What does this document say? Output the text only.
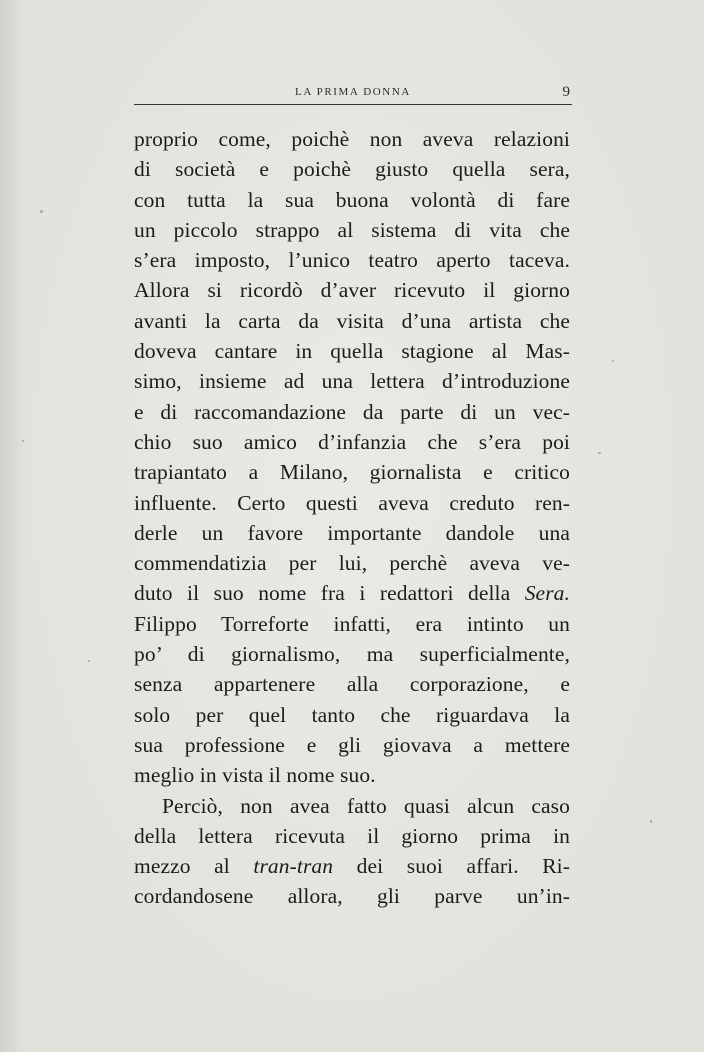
LA PRIMA DONNA	9
proprio come, poichè non aveva relazioni
di società e poichè giusto quella sera,
con tutta la sua buona volontà di fare
un piccolo strappo al sistema di vita che
s’era imposto, l’unico teatro aperto taceva.
Allora si ricordò d’aver ricevuto il giorno
avanti la carta da visita d’una artista che
doveva cantare in quella stagione al Mas-
simo, insieme ad una lettera d’introduzione
e di raccomandazione da parte di un vec-
chio suo amico d’infanzia che s’era poi
trapiantato a Milano, giornalista e critico
influente. Certo questi aveva creduto ren-
derle un favore importante dandole una
commendatizia per lui, perchè aveva ve-
duto il suo nome fra i redattori della Sera.
Filippo Torreforte infatti, era intinto un
po’ di giornalismo, ma superficialmente,
senza appartenere alla corporazione, e
solo per quel tanto che riguardava la
sua professione e gli giovava a mettere
meglio in vista il nome suo.
Perciò, non avea fatto quasi alcun caso
della lettera ricevuta il giorno prima in
mezzo al tran-tran dei suoi affari. Ri-
cordandosene allora, gli parve un’in-
